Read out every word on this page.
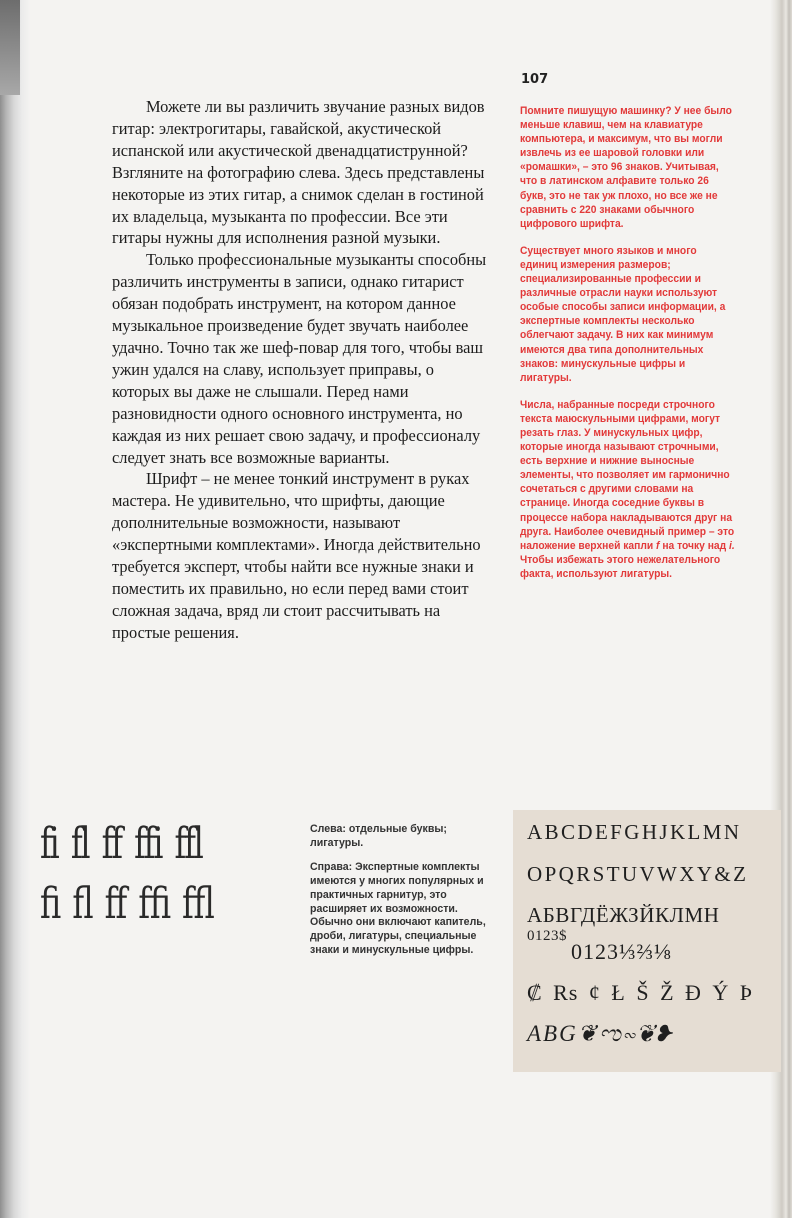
107

Можете ли вы различить звучание разных видов гитар: электрогитары, гавайской, акустической испанской или акустической двенадцатиструнной? Взгляните на фотографию слева. Здесь представлены некоторые из этих гитар, а снимок сделан в гостиной их владельца, музыканта по профессии. Все эти гитары нужны для исполнения разной музыки.

Только профессиональные музыканты способны различить инструменты в записи, однако гитарист обязан подобрать инструмент, на котором данное музыкальное произведение будет звучать наиболее удачно. Точно так же шеф-повар для того, чтобы ваш ужин удался на славу, использует приправы, о которых вы даже не слышали. Перед нами разновидности одного основного инструмента, но каждая из них решает свою задачу, и профессионалу следует знать все возможные варианты.

Шрифт – не менее тонкий инструмент в руках мастера. Не удивительно, что шрифты, дающие дополнительные возможности, называют «экспертными комплектами». Иногда действительно требуется эксперт, чтобы найти все нужные знаки и поместить их правильно, но если перед вами стоит сложная задача, вряд ли стоит рассчитывать на простые решения.

Помните пишущую машинку? У нее было меньше клавиш, чем на клавиатуре компьютера, и максимум, что вы могли извлечь из ее шаровой головки или «ромашки», – это 96 знаков. Учитывая, что в латинском алфавите только 26 букв, это не так уж плохо, но все же не сравнить с 220 знаками обычного цифрового шрифта.

Существует много языков и много единиц измерения размеров; специализированные профессии и различные отрасли науки используют особые способы записи информации, а экспертные комплекты несколько облегчают задачу. В них как минимум имеются два типа дополнительных знаков: минускульные цифры и лигатуры.

Числа, набранные посреди строчного текста маюскульными цифрами, могут резать глаз. У минускульных цифр, которые иногда называют строчными, есть верхние и нижние выносные элементы, что позволяет им гармонично сочетаться с другими словами на странице. Иногда соседние буквы в процессе набора накладываются друг на друга. Наиболее очевидный пример – это наложение верхней капли f на точку над i. Чтобы избежать этого нежелательного факта, используют лигатуры.

fi fl ff ffi ffl
ﬁ ﬂ ﬀ ﬃ ﬄ

Слева: отдельные буквы; лигатуры.

Справа: Экспертные комплекты имеются у многих популярных и практичных гарнитур, это расширяет их возможности. Обычно они включают капитель, дроби, лигатуры, специальные знаки и минускульные цифры.

ABCDEFGHJKLMN
OPQRSTUVWXY&Z
АБВГДЁЖЗЙКЛМН
0123$0123⅓⅔⅛
₡ ₨ ¢ Ł Š Ž Đ Ý Þ
ABG❦ಌ∾❦❥
